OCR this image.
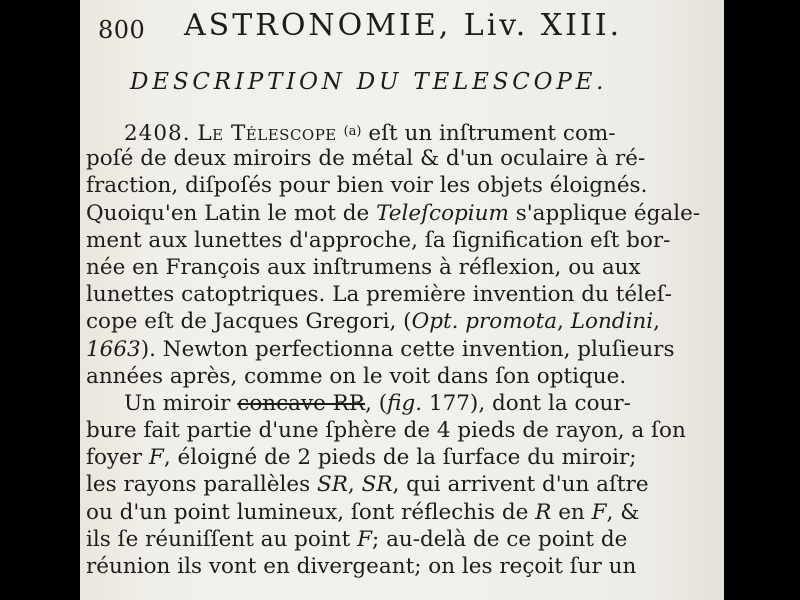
800 ASTRONOMIE, Liv. XIII.
DESCRIPTION DU TELESCOPE.
2408. Le Télescope $^{(a)}$ eſt un inſtrument com-
poſé de deux miroirs de métal & d'un oculaire à ré-
fraction, diſpoſés pour bien voir les objets éloignés.
Quoiqu'en Latin le mot de Teleſcopium s'applique égale-
ment aux lunettes d'approche, ſa ſignification eſt bor-
née en François aux inſtrumens à réflexion, ou aux
lunettes catoptriques. La première invention du téleſ-
cope eſt de Jacques Gregori, (Opt. promota, Londini,
1663). Newton perfectionna cette invention, pluſieurs
années après, comme on le voit dans ſon optique.
Un miroir concave RR, (fig. 177), dont la cour-
bure fait partie d'une ſphère de 4 pieds de rayon, a ſon
foyer F, éloigné de 2 pieds de la ſurface du miroir;
les rayons parallèles SR, SR, qui arrivent d'un aſtre
ou d'un point lumineux, ſont réflechis de R en F, &
ils ſe réuniſſent au point F; au-delà de ce point de
réunion ils vont en divergeant; on les reçoit ſur un
